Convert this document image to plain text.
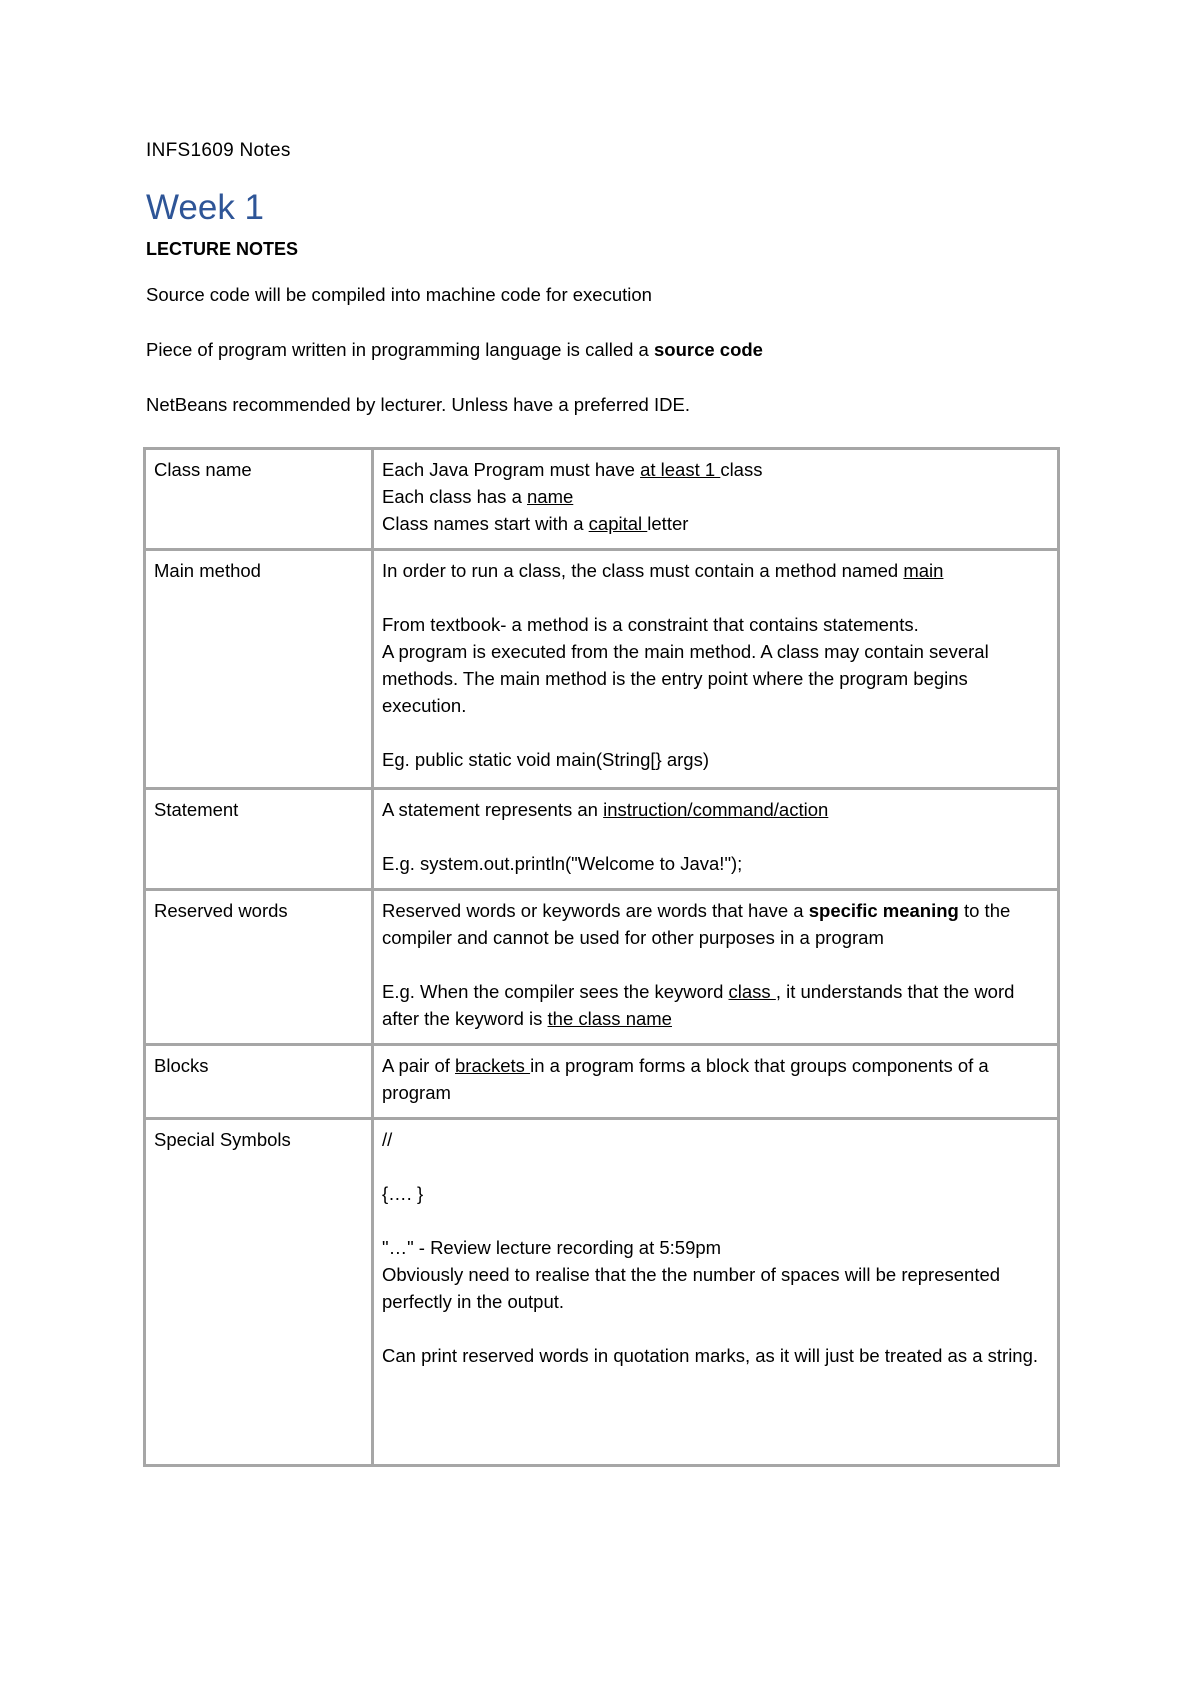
INFS1609 Notes

Week 1

LECTURE NOTES

Source code will be compiled into machine code for execution

Piece of program written in programming language is called a source code

NetBeans recommended by lecturer. Unless have a preferred IDE.

Class name	Each Java Program must have at least 1 class
Each class has a name
Class names start with a capital letter

Main method	In order to run a class, the class must contain a method named main
From textbook- a method is a constraint that contains statements.
A program is executed from the main method. A class may contain several methods. The main method is the entry point where the program begins execution.
Eg. public static void main(String[} args)

Statement	A statement represents an instruction/command/action
E.g. system.out.println("Welcome to Java!");

Reserved words	Reserved words or keywords are words that have a specific meaning to the compiler and cannot be used for other purposes in a program
E.g. When the compiler sees the keyword class , it understands that the word after the keyword is the class name

Blocks	A pair of brackets in a program forms a block that groups components of a program

Special Symbols	//
{…. }
"…" - Review lecture recording at 5:59pm
Obviously need to realise that the the number of spaces will be represented perfectly in the output.
Can print reserved words in quotation marks, as it will just be treated as a string.
